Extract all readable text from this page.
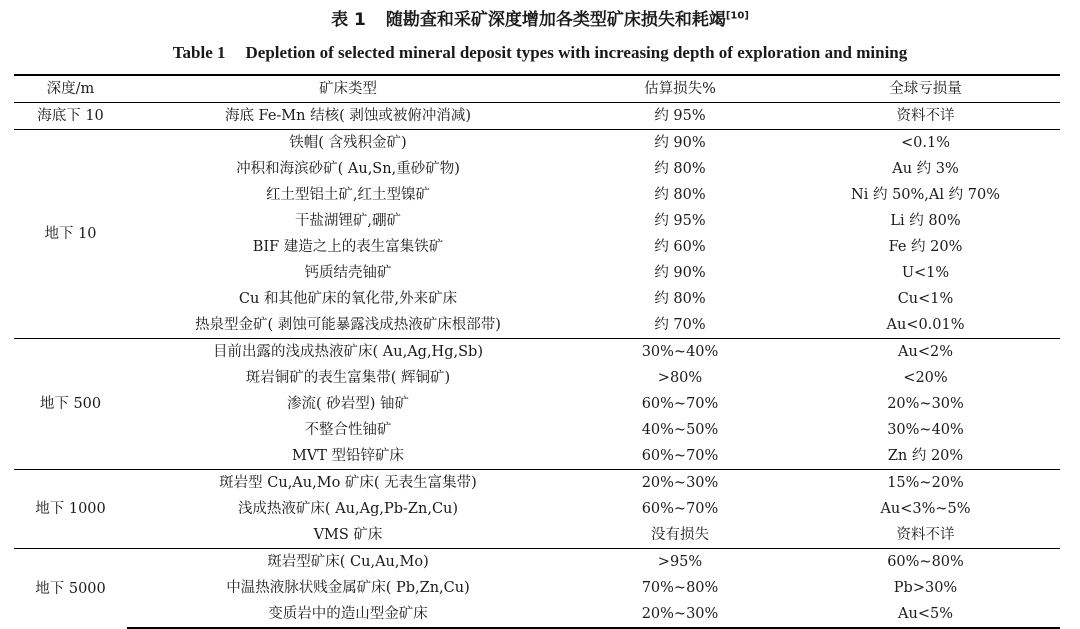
表 1 随勘查和采矿深度增加各类型矿床损失和耗竭[10]
Table 1 Depletion of selected mineral deposit types with increasing depth of exploration and mining
深度/m	矿床类型	估算损失%	全球亏损量
海底下 10	海底 Fe-Mn 结核( 剥蚀或被俯冲消减)	约 95%	资料不详
地下 10	铁帽( 含残积金矿)	约 90%	<0.1%
	冲积和海滨砂矿( Au,Sn,重砂矿物)	约 80%	Au 约 3%
	红土型铝土矿,红土型镍矿	约 80%	Ni 约 50%,Al 约 70%
	干盐湖锂矿,硼矿	约 95%	Li 约 80%
	BIF 建造之上的表生富集铁矿	约 60%	Fe 约 20%
	钙质结壳铀矿	约 90%	U<1%
	Cu 和其他矿床的氧化带,外来矿床	约 80%	Cu<1%
	热泉型金矿( 剥蚀可能暴露浅成热液矿床根部带)	约 70%	Au<0.01%
地下 500	目前出露的浅成热液矿床( Au,Ag,Hg,Sb)	30%~40%	Au<2%
	斑岩铜矿的表生富集带( 辉铜矿)	>80%	<20%
	渗流( 砂岩型) 铀矿	60%~70%	20%~30%
	不整合性铀矿	40%~50%	30%~40%
	MVT 型铅锌矿床	60%~70%	Zn 约 20%
地下 1000	斑岩型 Cu,Au,Mo 矿床( 无表生富集带)	20%~30%	15%~20%
	浅成热液矿床( Au,Ag,Pb-Zn,Cu)	60%~70%	Au<3%~5%
	VMS 矿床	没有损失	资料不详
地下 5000	斑岩型矿床( Cu,Au,Mo)	>95%	60%~80%
	中温热液脉状贱金属矿床( Pb,Zn,Cu)	70%~80%	Pb>30%
	变质岩中的造山型金矿床	20%~30%	Au<5%
